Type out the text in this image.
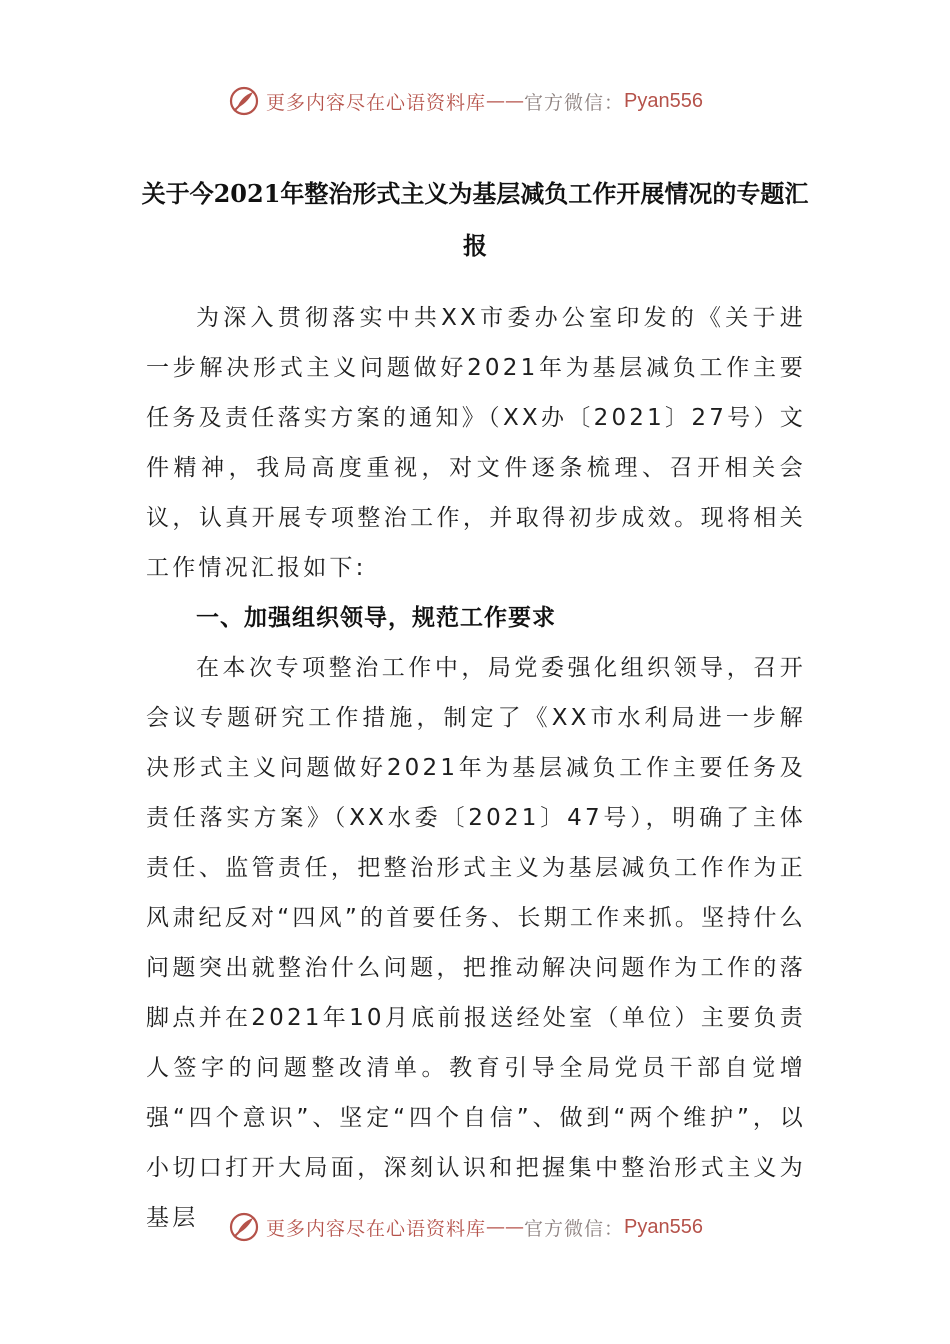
更多内容尽在心语资料库 —— 官方微信： Pyan556
关于今2021年整治形式主义为基层减负工作开展情况的专题汇报

为深入贯彻落实中共XX市委办公室印发的《关于进一步解决形式主义问题做好2021年为基层减负工作主要任务及责任落实方案的通知》（XX办〔2021〕27号）文件精神，我局高度重视，对文件逐条梳理、召开相关会议，认真开展专项整治工作，并取得初步成效。现将相关工作情况汇报如下:

一、加强组织领导，规范工作要求

在本次专项整治工作中，局党委强化组织领导，召开会议专题研究工作措施，制定了《XX市水利局进一步解决形式主义问题做好2021年为基层减负工作主要任务及责任落实方案》（XX水委〔2021〕47号），明确了主体责任、监管责任，把整治形式主义为基层减负工作作为正风肃纪反对“四风”的首要任务、长期工作来抓。坚持什么问题突出就整治什么问题，把推动解决问题作为工作的落脚点并在2021年10月底前报送经处室（单位）主要负责人签字的问题整改清单。教育引导全局党员干部自觉增强“四个意识”、坚定“四个自信”、做到“两个维护”，以小切口打开大局面，深刻认识和把握集中整治形式主义为基层	更多内容尽在心语资料库 —— 官方微信： Pyan556
